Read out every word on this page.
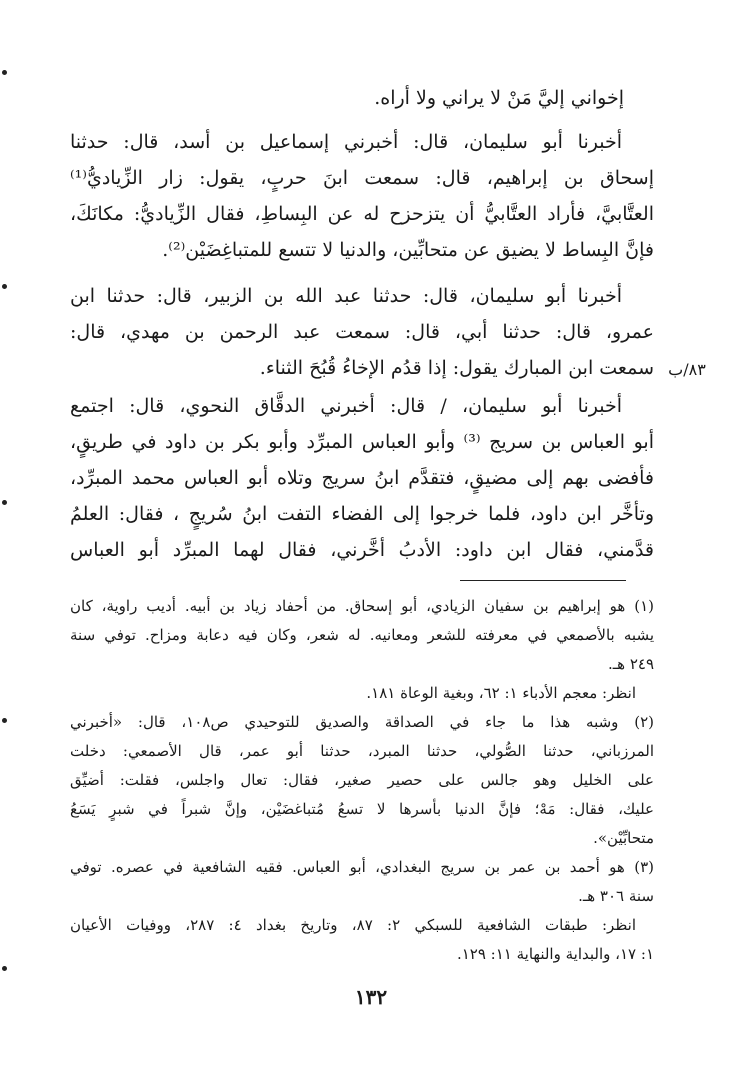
٨٣/ب
إخواني إليَّ مَنْ لا يراني ولا أراه.
أخبرنا أبو سليمان، قال: أخبرني إسماعيل بن أسد، قال: حدثنا
إسحاق بن إبراهيم، قال: سمعت ابنَ حربٍ، يقول: زار الزِّياديُّ⁽¹⁾
العتَّابيَّ، فأراد العتَّابيُّ أن يتزحزح له عن البِساطِ، فقال الزِّياديُّ: مكانَكَ،
فإنَّ البِساط لا يضيق عن متحابِّين، والدنيا لا تتسع للمتباغِضَيْن⁽²⁾.
أخبرنا أبو سليمان، قال: حدثنا عبد الله بن الزبير، قال: حدثنا ابن
عمرو، قال: حدثنا أبي، قال: سمعت عبد الرحمن بن مهدي، قال:
سمعت ابن المبارك يقول: إذا قدُم الإخاءُ قُبُحَ الثناء.
أخبرنا أبو سليمان، / قال: أخبرني الدقَّاق النحوي، قال: اجتمع
أبو العباس بن سريج ⁽³⁾ وأبو العباس المبرِّد وأبو بكر بن داود في طريقٍ،
فأفضى بهم إلى مضيقٍ، فتقدَّم ابنُ سريج وتلاه أبو العباس محمد المبرِّد،
وتأخَّر ابن داود، فلما خرجوا إلى الفضاء التفت ابنُ سُريجٍ ، فقال: العلمُ
قدَّمني، فقال ابن داود: الأدبُ أخَّرني، فقال لهما المبرِّد أبو العباس
(١) هو إبراهيم بن سفيان الزيادي، أبو إسحاق. من أحفاد زياد بن أبيه. أديب راوية، كان
يشبه بالأصمعي في معرفته للشعر ومعانيه. له شعر، وكان فيه دعابة ومزاح. توفي سنة
٢٤٩ هـ.
انظر: معجم الأدباء ١: ٦٢، وبغية الوعاة ١٨١.
(٢) وشبه هذا ما جاء في الصداقة والصديق للتوحيدي ص١٠٨، قال: «أخبرني
المرزباني، حدثنا الصُّولي، حدثنا المبرد، حدثنا أبو عمر، قال الأصمعي: دخلت
على الخليل وهو جالس على حصير صغير، فقال: تعال واجلس، فقلت: أضيِّق
عليك، فقال: مَهْ؛ فإنَّ الدنيا بأسرها لا تسعُ مُتباغضَيْن، وإنَّ شبراً في شبرٍ يَسَعُ
متحابِّيْن».
(٣) هو أحمد بن عمر بن سريج البغدادي، أبو العباس. فقيه الشافعية في عصره. توفي
سنة ٣٠٦ هـ.
انظر: طبقات الشافعية للسبكي ٢: ٨٧، وتاريخ بغداد ٤: ٢٨٧، ووفيات الأعيان
١: ١٧، والبداية والنهاية ١١: ١٢٩.
١٣٢
